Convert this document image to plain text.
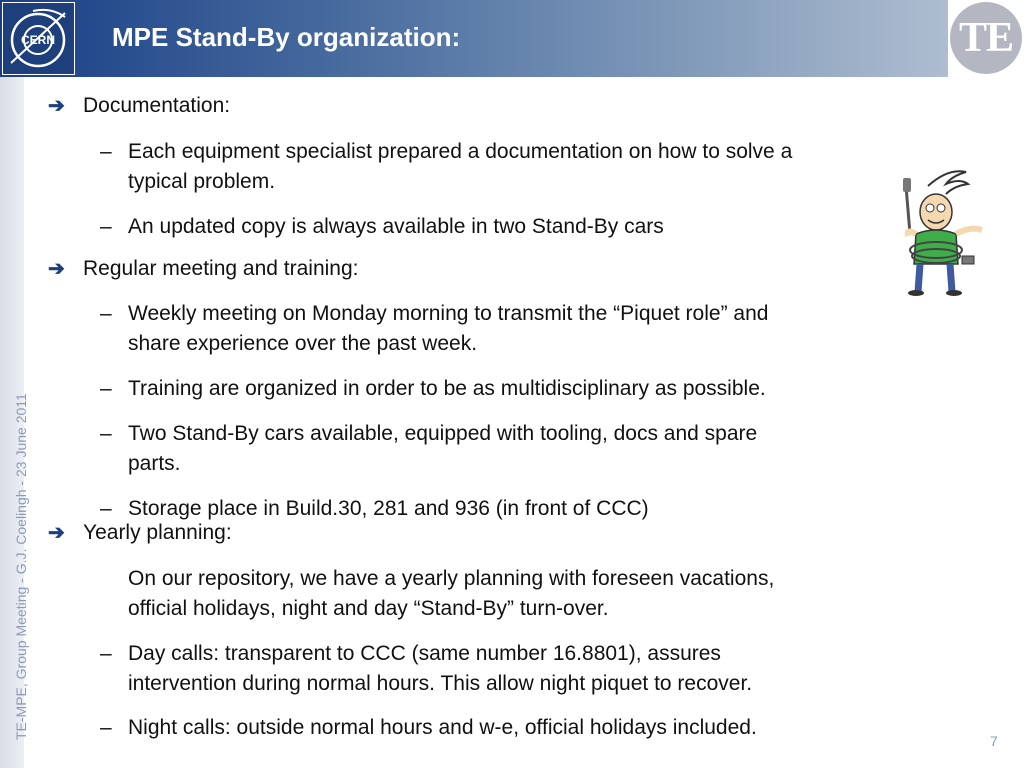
CERN MPE Stand-By organization:	TE
TE-MPE, Group Meeting - G.J. Coelingh - 23 June 2011
➔ Documentation:
– Each equipment specialist prepared a documentation on how to solve a
typical problem.
– An updated copy is always available in two Stand-By cars
➔ Regular meeting and training:
– Weekly meeting on Monday morning to transmit the “Piquet role” and
share experience over the past week.
– Training are organized in order to be as multidisciplinary as possible.
– Two Stand-By cars available, equipped with tooling, docs and spare
parts.
– Storage place in Build.30, 281 and 936 (in front of CCC)
➔ Yearly planning:
On our repository, we have a yearly planning with foreseen vacations,
official holidays, night and day “Stand-By” turn-over.
– Day calls: transparent to CCC (same number 16.8801), assures
intervention during normal hours. This allow night piquet to recover.
– Night calls: outside normal hours and w-e, official holidays included.
7
